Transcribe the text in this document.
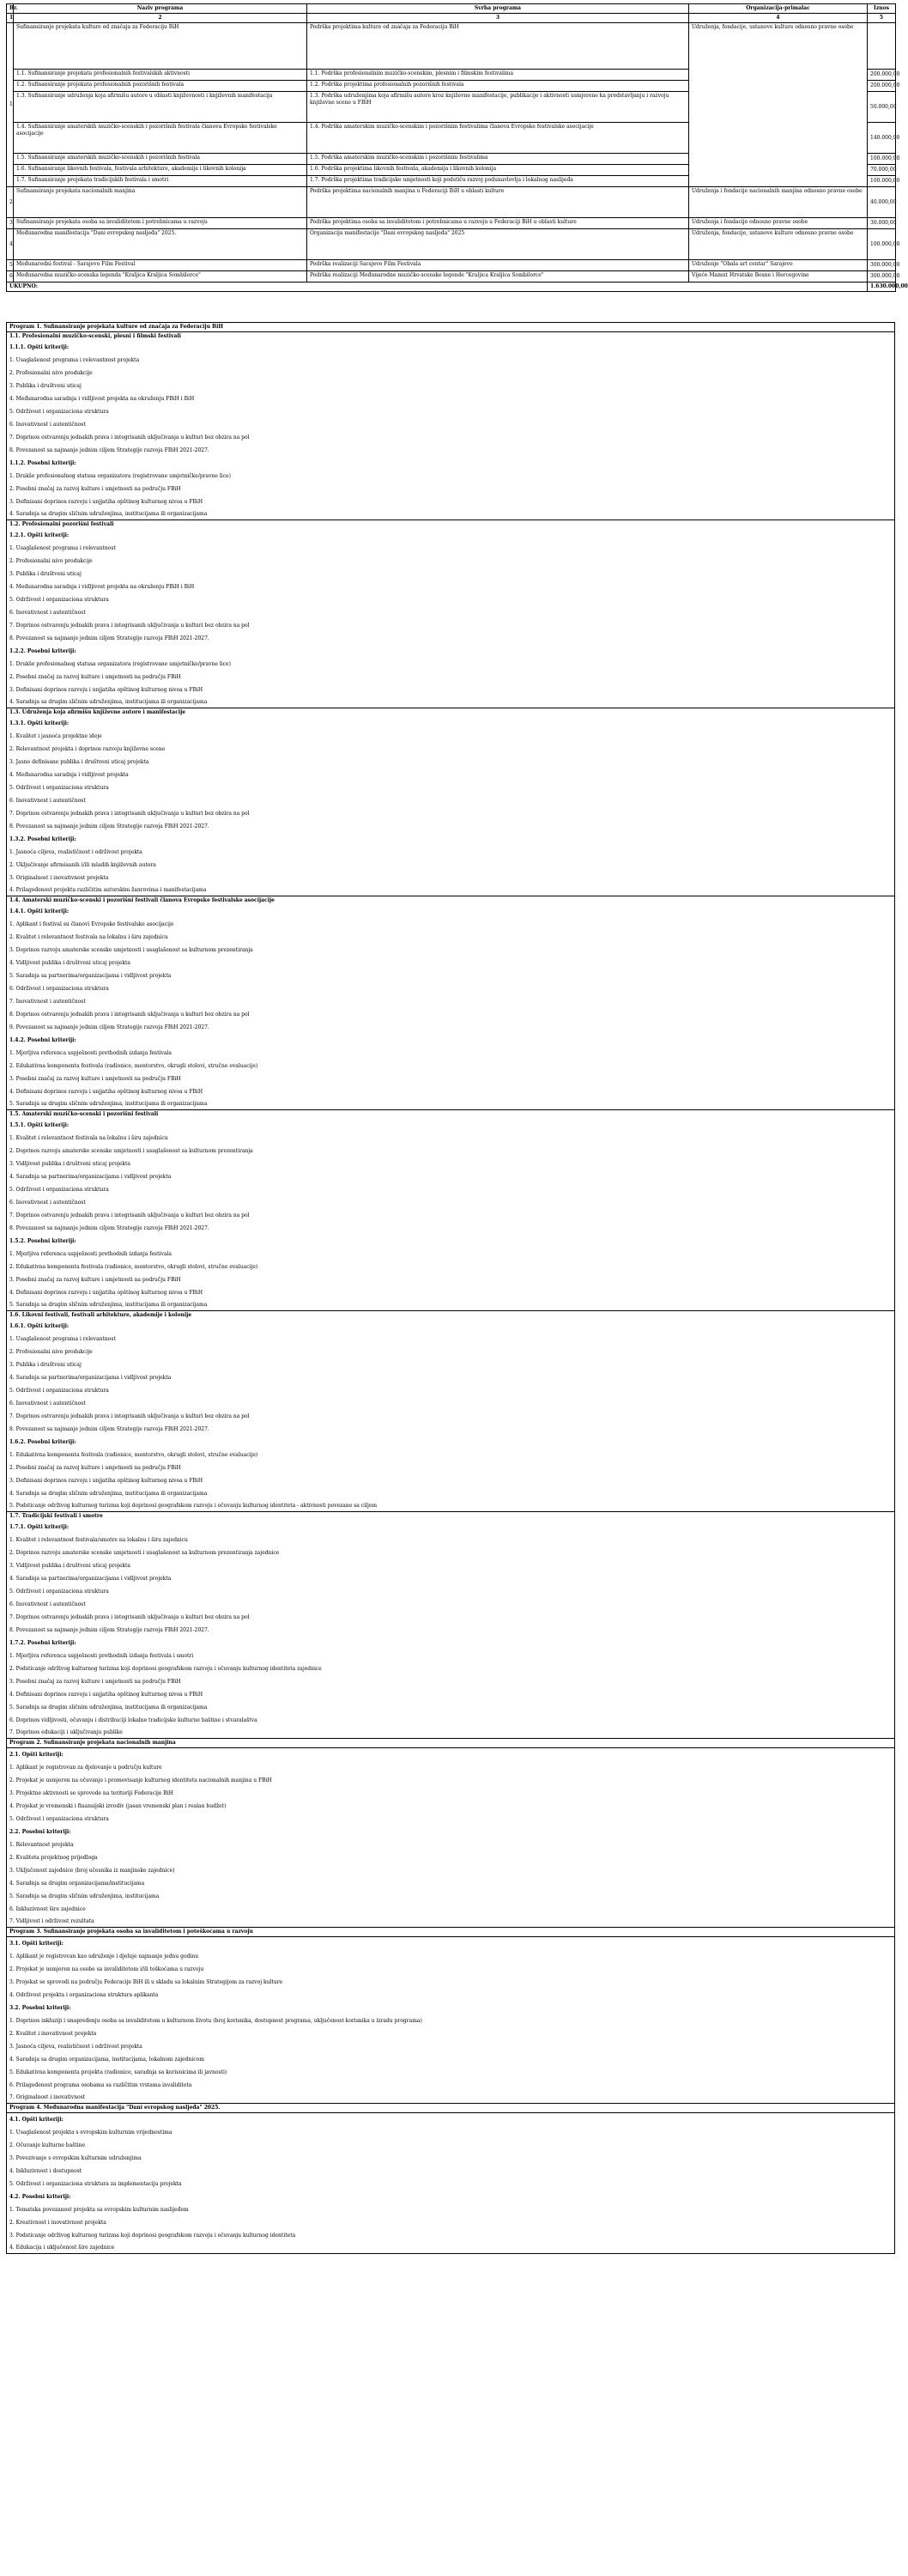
Br.	Naziv programa	Svrha programa	Organizacija-primalac	Iznos
1	2	3	4	5
1.	Sufinansiranje projekata kulture od značaja za Federaciju BiH	Podrška projektima kulture od značaja za Federaciju BiH	Udruženja, fondacije, ustanove kulture odnosno pravne osobe	
	1.1. Sufinansiranje projekata profesionalnih festivalskih aktivnosti	1.1. Podrška profesionalnim muzičko-scenskim, plesnim i filmskim festivalima		200.000,00
	1.2. Sufinansiranje projekata profesionalnih pozorišnih festivala	1.2. Podrška projektima profesionalnih pozorišnih festivala		200.000,00
	1.3. Sufinansiranje udruženja koja afirmišu autore u oblasti književnosti i književnih manifestacija	1.3. Podrška udruženjima koja afirmišu autore kroz književne manifestacije, publikacije i aktivnosti usmjerene ka predstavljanju i razvoju književne scene u FBiH		50.000,00
	1.4. Sufinansiranje amaterskih muzičko-scenskih i pozorišnih festivala članova Evropske festivalske asocijacije	1.4. Podrška amaterskim muzičko-scenskim i pozorišnim festivalima članova Evropske festivalske asocijacije		140.000,00
	1.5. Sufinansiranje amaterskih muzičko-scenskih i pozorišnih festivala	1.5. Podrška amaterskim muzičko-scenskim i pozorišnim festivalima		100.000,00
	1.6. Sufinansiranje likovnih festivala, festivala arhitekture, akademija i likovnih kolonija	1.6. Podrška projektima likovnih festivala, akademija i likovnih kolonija		70.000,00
	1.7. Sufinansiranje projekata tradicijskih festivala i smotri	1.7. Podrška projektima tradicijske umjetnosti koji podstiču razvoj podunavlovlja i lokalnog naslijeđa		100.000,00
2.	Sufinansiranje projekata nacionalnih manjina	Podrška projektima nacionalnih manjina u Federaciji BiH u oblasti kulture	Udruženja i fondacije nacionalnih manjina odnosno pravne osobe	40.000,00
3.	Sufinansiranje projekata osoba sa invaliditetom i potrebnicama u razvoju	Podrška projektima osoba sa invaliditetom i potrebnicama u razvoju u Federaciji BiH u oblasti kulture	Udruženja i fondacije odnosno pravne osobe	30.000,00
4.	Međunarodna manifestacija "Dani evropskog nasljeđa" 2025.	Organizacija manifestacije "Dani evropskog nasljeđa" 2025	Udruženja, fondacije, ustanove kulture odnosno pravne osobe	100.000,00
5.	Međunarodni festival - Sarajevo Film Festival	Podrška realizaciji Sarajevo Film Festivala	Udruženje "Obala art centar" Sarajevo	300.000,00
6.	Međunarodna muzičko-scenska legenda "Kraljica Kraljica Sombilorce"	Podrška realizaciji Međunarodne muzičko-scenske legende "Kraljica Kraljica Sombilorce"	Vijeće Mamut Hrvatske Bosne i Hercegovine	300.000,00
UKUPNO:				1.630.000,00
Program 1. Sufinansiranje projekata kulture od značaja za Federaciju BiH
1.1. Profesionalni muzičko-scenski, plesni i filmski festivali
1.1.1. Opšti kriteriji:
1. Usaglašenost programa i relevantnost projekta
2. Profesionalni nivo produkcije
3. Publika i društveni uticaj
4. Međunarodna saradnja i vidljivost projekta na okruženju FBiH i BiH
5. Održivost i organizaciona struktura
6. Inovativnost i autentičnost
7. Doprinos ostvarenju jednakih prava i integrisanih uključivanja u kulturi bez obzira na pol
8. Povezanost sa najmanje jednim ciljem Strategije razvoja FBiH 2021-2027.
1.1.2. Posebni kriteriji:
1. Drukše profesionalnog statusa organizatora (registrovane umjetničke/pravne lice)
2. Posebni značaj za razvoj kulture i umjetnosti na području FBiH
3. Definisani doprinos razvoju i unjjatiha opštinog kulturnog nivoa u FBiH
4. Saradnja sa drugim sličnim udruženjima, institucijama ili organizacijama
1.2. Profesionalni pozorišni festivali
1.2.1. Opšti kriteriji:
1. Usaglašenost programa i relevantnost
2. Profesionalni nivo produkcije
3. Publika i društveni uticaj
4. Međunarodna saradnja i vidljivost projekta na okruženju FBiH i BiH
5. Održivost i organizaciona struktura
6. Inovativnost i autentičnost
7. Doprinos ostvarenju jednakih prava i integrisanih uključivanja u kulturi bez obzira na pol
8. Povezanost sa najmanje jednim ciljem Strategije razvoja FBiH 2021-2027.
1.2.2. Posebni kriteriji:
1. Drukše profesionalnog statusa organizatora (registrovane umjetničke/pravne lice)
2. Posebni značaj za razvoj kulture i umjetnosti na području FBiH
3. Definisani doprinos razvoju i unjjatiha opštinog kulturnog nivoa u FBiH
4. Saradnja sa drugim sličnim udruženjima, institucijama ili organizacijama
1.3. Udruženja koja afirmišu književne autore i manifestacije
1.3.1. Opšti kriteriji:
1. Kvalitet i jasnoća projektne ideje
2. Relevantnost projekta i doprinos razvoju književne scene
3. Jasno definisane publika i društveni uticaj projekta
4. Međunarodna saradnja i vidljivost projekta
5. Održivost i organizaciona struktura
6. Inovativnost i autentičnost
7. Doprinos ostvarenju jednakih prava i integrisanih uključivanja u kulturi bez obzira na pol
8. Povezanost sa najmanje jednim ciljem Strategije razvoja FBiH 2021-2027.
1.3.2. Posebni kriteriji:
1. Jasnoća ciljeva, realističnost i održivost projekta
2. Uključivanje afirmisanih i/ili mladih književnih autora
3. Originalnost i inovativnost projekta
4. Prilagođenost projekta različitim autorskim žanrovima i manifestacijama
1.4. Amaterski muzičko-scenski i pozorišni festivali članova Evropske festivalske asocijacije
1.4.1. Opšti kriteriji:
1. Aplikant i festival su članovi Evropske festivalske asocijacije
2. Kvalitet i relevantnost festivala na lokalnu i širu zajednicu
3. Doprinos razvoju amaterske scenske umjetnosti i usaglašenost sa kulturnom prezentiranja
4. Vidljivost publika i društveni uticaj projekta
5. Saradnja sa partnerima/organizacijama i vidljivost projekta
6. Održivost i organizaciona struktura
7. Inovativnost i autentičnost
8. Doprinos ostvarenju jednakih prava i integrisanih uključivanja u kulturi bez obzira na pol
9. Povezanost sa najmanje jednim ciljem Strategije razvoja FBiH 2021-2027.
1.4.2. Posebni kriteriji:
1. Mjerljiva referenca uspješnosti prethodnih izdanja festivala
2. Edukativna komponenta festivala (radionice, mentorstvo, okrugli stolovi, stručne evaluacije)
3. Posebni značaj za razvoj kulture i umjetnosti na području FBiH
4. Definisani doprinos razvoju i unjjatiha opštinog kulturnog nivoa u FBiH
5. Saradnja sa drugim sličnim udruženjima, institucijama ili organizacijama
1.5. Amaterski muzičko-scenski i pozorišni festivali
1.5.1. Opšti kriteriji:
1. Kvalitet i relevantnost festivala na lokalnu i širu zajednicu
2. Doprinos razvoju amaterske scenske umjetnosti i usaglašenost sa kulturnom prezentiranja
3. Vidljivost publika i društveni uticaj projekta
4. Saradnja sa partnerima/organizacijama i vidljivost projekta
5. Održivost i organizaciona struktura
6. Inovativnost i autentičnost
7. Doprinos ostvarenju jednakih prava i integrisanih uključivanja u kulturi bez obzira na pol
8. Povezanost sa najmanje jednim ciljem Strategije razvoja FBiH 2021-2027.
1.5.2. Posebni kriteriji:
1. Mjerljiva referenca uspješnosti prethodnih izdanja festivala
2. Edukativna komponenta festivala (radionice, mentorstvo, okrugli stolovi, stručne evaluacije)
3. Posebni značaj za razvoj kulture i umjetnosti na području FBiH
4. Definisani doprinos razvoju i unjjatiha opštinog kulturnog nivoa u FBiH
5. Saradnja sa drugim sličnim udruženjima, institucijama ili organizacijama
1.6. Likovni festivali, festivali arhitekture, akademije i kolonije
1.6.1. Opšti kriteriji:
1. Usaglašenost programa i relevantnost
2. Profesionalni nivo produkcije
3. Publika i društveni uticaj
4. Saradnja sa partnerima/organizacijama i vidljivost projekta
5. Održivost i organizaciona struktura
6. Inovativnost i autentičnost
7. Doprinos ostvarenju jednakih prava i integrisanih uključivanja u kulturi bez obzira na pol
8. Povezanost sa najmanje jednim ciljem Strategije razvoja FBiH 2021-2027.
1.6.2. Posebni kriteriji:
1. Edukativna komponenta festivala (radionice, mentorstvo, okrugli stolovi, stručne evaluacije)
2. Posebni značaj za razvoj kulture i umjetnosti na području FBiH
3. Definisani doprinos razvoju i unjjatiha opštinog kulturnog nivoa u FBiH
4. Saradnja sa drugim sličnim udruženjima, institucijama ili organizacijama
5. Podsticanje održivog kulturnog turizma koji doprinosi geografskom razvoju i očuvanju kulturnog identiteta - aktivnosti povezane sa ciljem
1.7. Tradicijski festivali i smotre
1.7.1. Opšti kriteriji:
1. Kvalitet i relevantnost festivala/smotre na lokalnu i širu zajednicu
2. Doprinos razvoju amaterske scenske umjetnosti i usaglašenost sa kulturnom prezentiranja zajednice
3. Vidljivost publika i društveni uticaj projekta
4. Saradnja sa partnerima/organizacijama i vidljivost projekta
5. Održivost i organizaciona struktura
6. Inovativnost i autentičnost
7. Doprinos ostvarenju jednakih prava i integrisanih uključivanja u kulturi bez obzira na pol
8. Povezanost sa najmanje jednim ciljem Strategije razvoja FBiH 2021-2027.
1.7.2. Posebni kriteriji:
1. Mjerljiva referenca uspješnosti prethodnih izdanja festivala i smotri
2. Podsticanje održivog kulturnog turizma koji doprinosi geografskom razvoju i očuvanju kulturnog identiteta zajednice
3. Posebni značaj za razvoj kulture i umjetnosti na području FBiH
4. Definisani doprinos razvoju i unjjatiha opštinog kulturnog nivoa u FBiH
5. Saradnja sa drugim sličnim udruženjima, institucijama ili organizacijama
6. Doprinos vidljivosti, očuvanju i distribuciji lokalne tradicijske kulturne baštine i stvaralaštva
7. Doprinos edukaciji i uključivanju publike
Program 2. Sufinansiranje projekata nacionalnih manjina
2.1. Opšti kriteriji:
1. Aplikant je registrovan za djelovanje u području kulture
2. Projekat je usmjeren na očuvanje i promovisanje kulturnog identiteta nacionalnih manjina u FBiH
3. Projektne aktivnosti se sprovode na teritoriji Federacije BiH
4. Projekat je vremenski i finansijski izvodiv (jasan vremenski plan i realan budžet)
5. Održivost i organizaciona struktura
2.2. Posebni kriteriji:
1. Relevantnost projekta
2. Kvaliteta projektnog prijedloga
3. Uključenost zajednice (broj učesnika iz manjinske zajednice)
4. Saradnja sa drugim organizacijama/institucijama
5. Saradnja sa drugim sličnim udruženjima, institucijama
6. Inkluzivnost šire zajednice
7. Vidljivost i održivost rezultata
Program 3. Sufinansiranje projekata osoba sa invaliditetom i poteškoćama u razvoju
3.1. Opšti kriteriji:
1. Aplikant je registrovan kao udruženje i djeluje najmanje jednu godinu
2. Projekat je usmjeren na osobe sa invaliditetom i/ili teškoćama u razvoju
3. Projekat se sprovodi na području Federacije BiH ili u skladu sa lokalnim Strategijom za razvoj kulture
4. Održivost projekta i organizaciona struktura aplikanta
3.2. Posebni kriteriji:
1. Doprinos inkluziji i unapređenju osoba sa invaliditetom u kulturnom životu (broj korisnika, dostupnost programa, uključenost korisnika u izradu programa)
2. Kvalitet i inovativnost projekta
3. Jasnoća ciljeva, realističnost i održivost projekta
4. Saradnja sa drugim organizacijama, institucijama, lokalnom zajednicom
5. Edukativna komponenta projekta (radionice, saradnja sa korisnicima ili javnosti)
6. Prilagođenost programa osobama sa različitim vrstama invaliditeta
7. Originalnost i inovativnost
Program 4. Međunarodna manifestacija "Dani evropskog nasljeđa" 2025.
4.1. Opšti kriteriji:
1. Usaglašenost projekta s evropskim kulturnim vrijednostima
2. Očuvanje kulturne baštine
3. Povezivanje s evropskim kulturnim udruženjima
4. Inkluzivnost i dostupnost
5. Održivost i organizaciona struktura za implementaciju projekta
4.2. Posebni kriteriji:
1. Tematska povezanost projekta sa evropskim kulturnim naslijeđem
2. Kreativnost i inovativnost projekta
3. Podsticanje održivog kulturnog turizma koji doprinosi geografskom razvoju i očuvanju kulturnog identiteta
4. Edukacija i uključenost šire zajednice
